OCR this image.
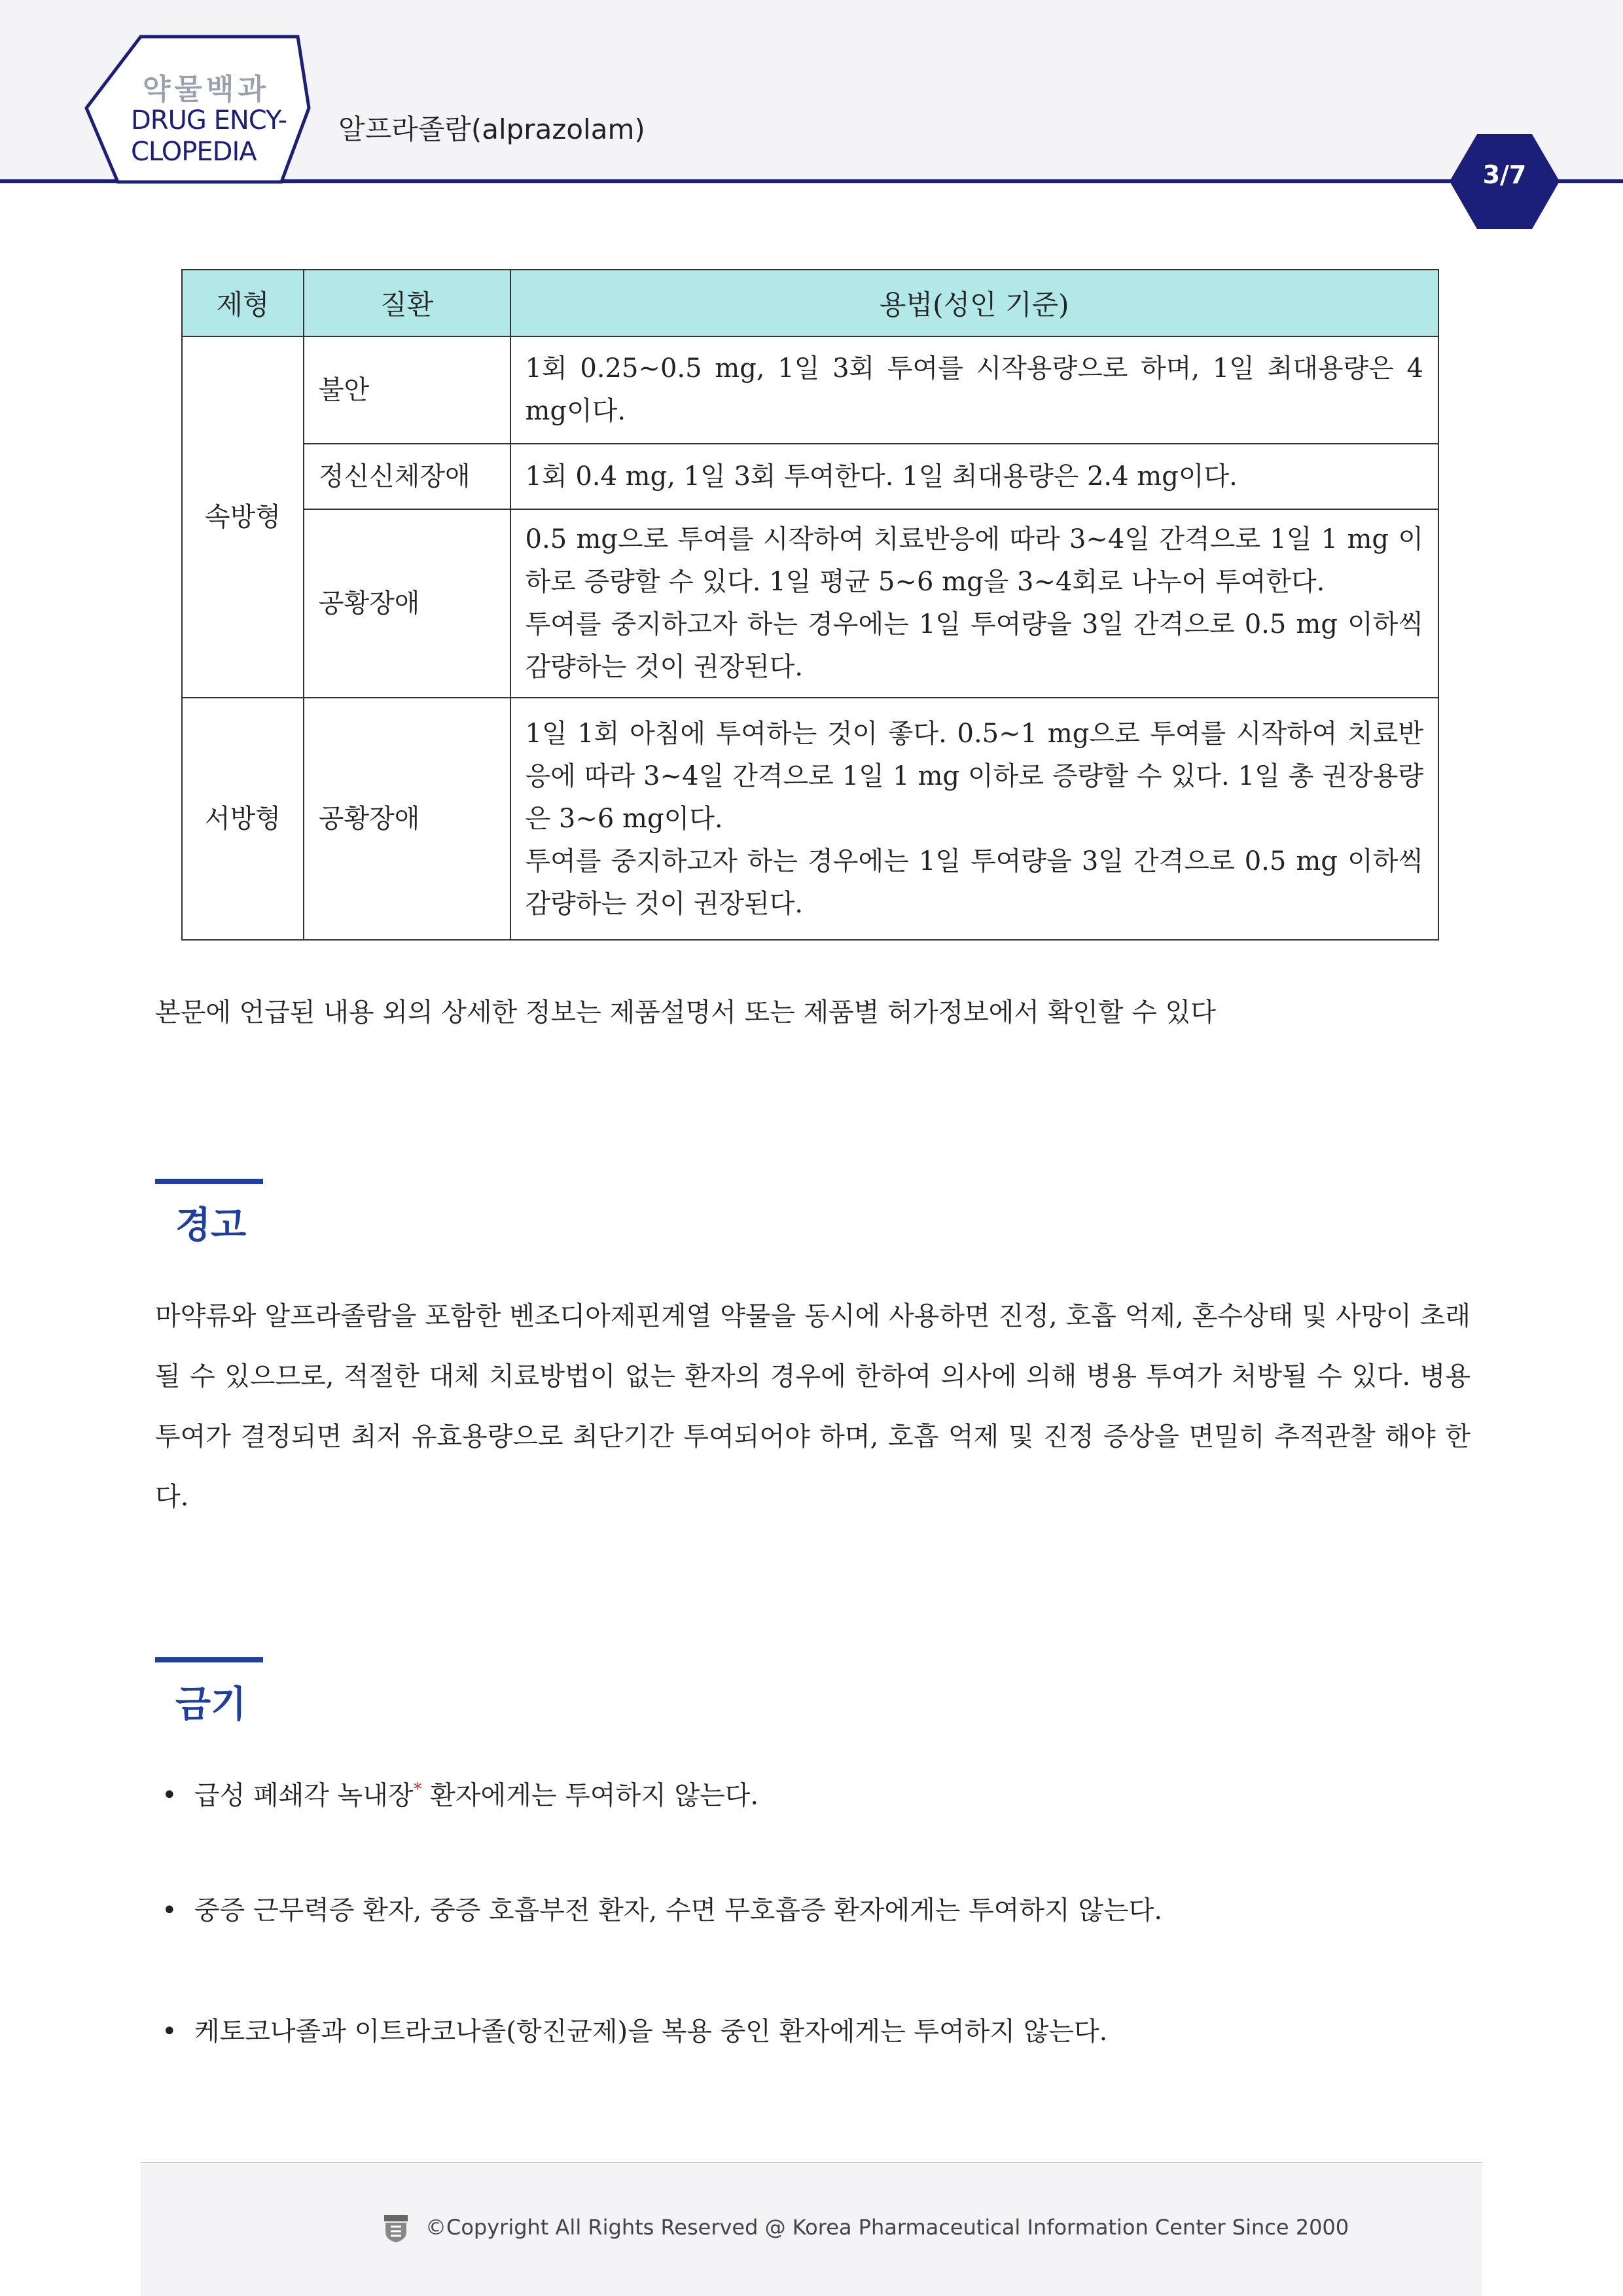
약물백과
DRUG ENCY-
CLOPEDIA
알프라졸람(alprazolam)
3/7
제형	질환	용법(성인 기준)
속방형	불안	1회 0.25~0.5 mg, 1일 3회 투여를 시작용량으로 하며, 1일 최대용량은 4 mg이다.
	정신신체장애	1회 0.4 mg, 1일 3회 투여한다. 1일 최대용량은 2.4 mg이다.
	공황장애	0.5 mg으로 투여를 시작하여 치료반응에 따라 3~4일 간격으로 1일 1 mg 이하로 증량할 수 있다. 1일 평균 5~6 mg을 3~4회로 나누어 투여한다.
투여를 중지하고자 하는 경우에는 1일 투여량을 3일 간격으로 0.5 mg 이하씩 감량하는 것이 권장된다.

서방형	공황장애	1일 1회 아침에 투여하는 것이 좋다. 0.5~1 mg으로 투여를 시작하여 치료반응에 따라 3~4일 간격으로 1일 1 mg 이하로 증량할 수 있다. 1일 총 권장용량은 3~6 mg이다.
투여를 중지하고자 하는 경우에는 1일 투여량을 3일 간격으로 0.5 mg 이하씩 감량하는 것이 권장된다.
본문에 언급된 내용 외의 상세한 정보는 제품설명서 또는 제품별 허가정보에서 확인할 수 있다
경고
마약류와 알프라졸람을 포함한 벤조디아제핀계열 약물을 동시에 사용하면 진정, 호흡 억제, 혼수상태 및 사망이 초래될 수 있으므로, 적절한 대체 치료방법이 없는 환자의 경우에 한하여 의사에 의해 병용 투여가 처방될 수 있다. 병용 투여가 결정되면 최저 유효용량으로 최단기간 투여되어야 하며, 호흡 억제 및 진정 증상을 면밀히 추적관찰 해야 한다.
금기
• 급성 폐쇄각 녹내장* 환자에게는 투여하지 않는다.
• 중증 근무력증 환자, 중증 호흡부전 환자, 수면 무호흡증 환자에게는 투여하지 않는다.
• 케토코나졸과 이트라코나졸(항진균제)을 복용 중인 환자에게는 투여하지 않는다.
©Copyright All Rights Reserved @ Korea Pharmaceutical Information Center Since 2000
